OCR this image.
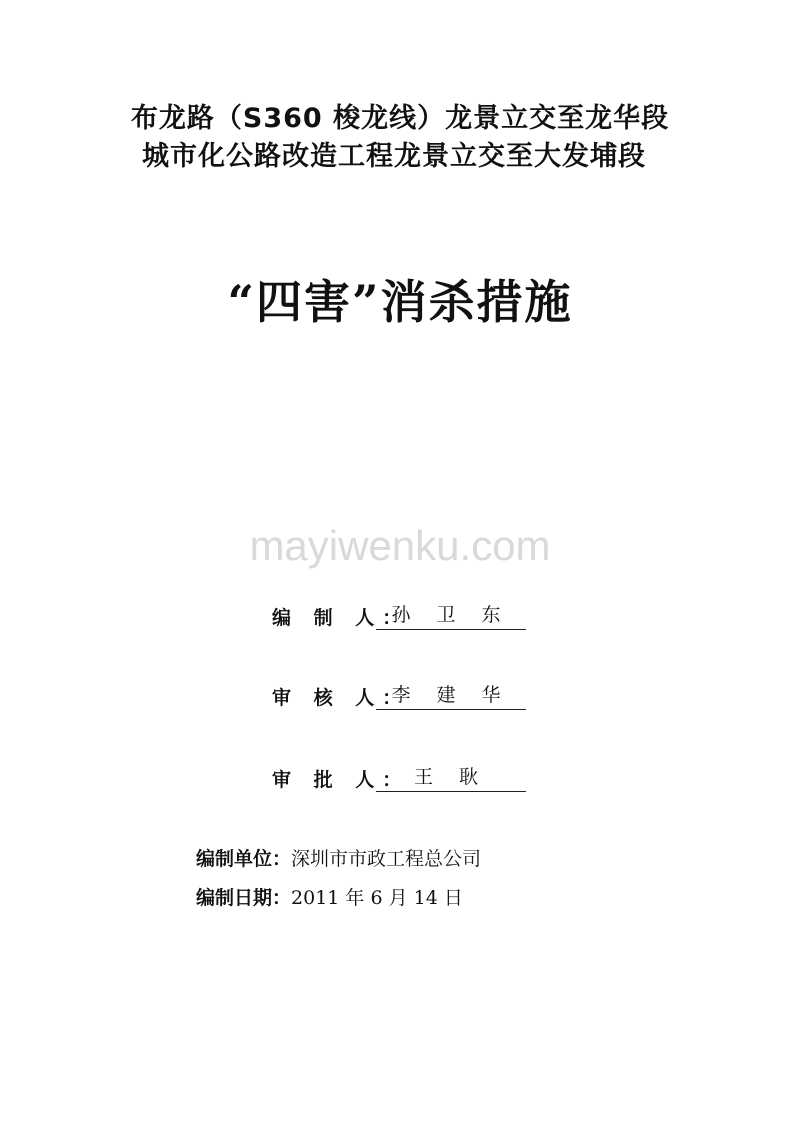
布龙路（S360 梭龙线）龙景立交至龙华段
城市化公路改造工程龙景立交至大发埔段
“四害”消杀措施
mayiwenku.com
编 制 人：
孙 卫 东
审 核 人：
李 建 华
审 批 人： 王 耿
编制单位：深圳市市政工程总公司
编制日期：2011 年 6 月 14 日
